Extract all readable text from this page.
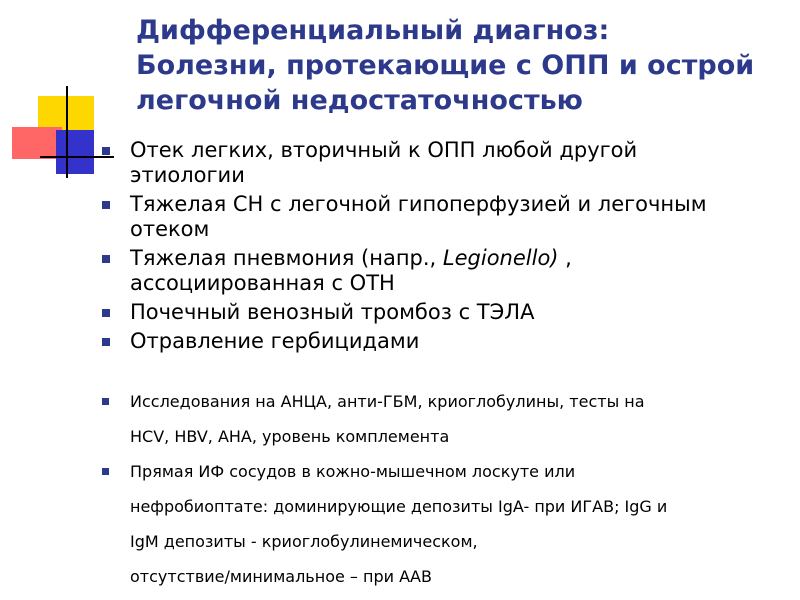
Дифференциальный диагноз:
Болезни, протекающие с ОПП и острой
легочной недостаточностью
Отек легких, вторичный к ОПП любой другой
этиологии
Тяжелая СН с легочной гипоперфузией и легочным
отеком
Тяжелая пневмония (напр., Legionello) ,
ассоциированная с ОТН
Почечный венозный тромбоз с ТЭЛА
Отравление гербицидами
Исследования на АНЦА, анти-ГБМ, криоглобулины, тесты на
HCV, HBV, АНА, уровень комплемента
Прямая ИФ сосудов в кожно-мышечном лоскуте или
нефробиоптате: доминирующие депозиты IgA- при ИГАВ; IgG и
IgM депозиты - криоглобулинемическом,
отсутствие/минимальное – при ААВ
